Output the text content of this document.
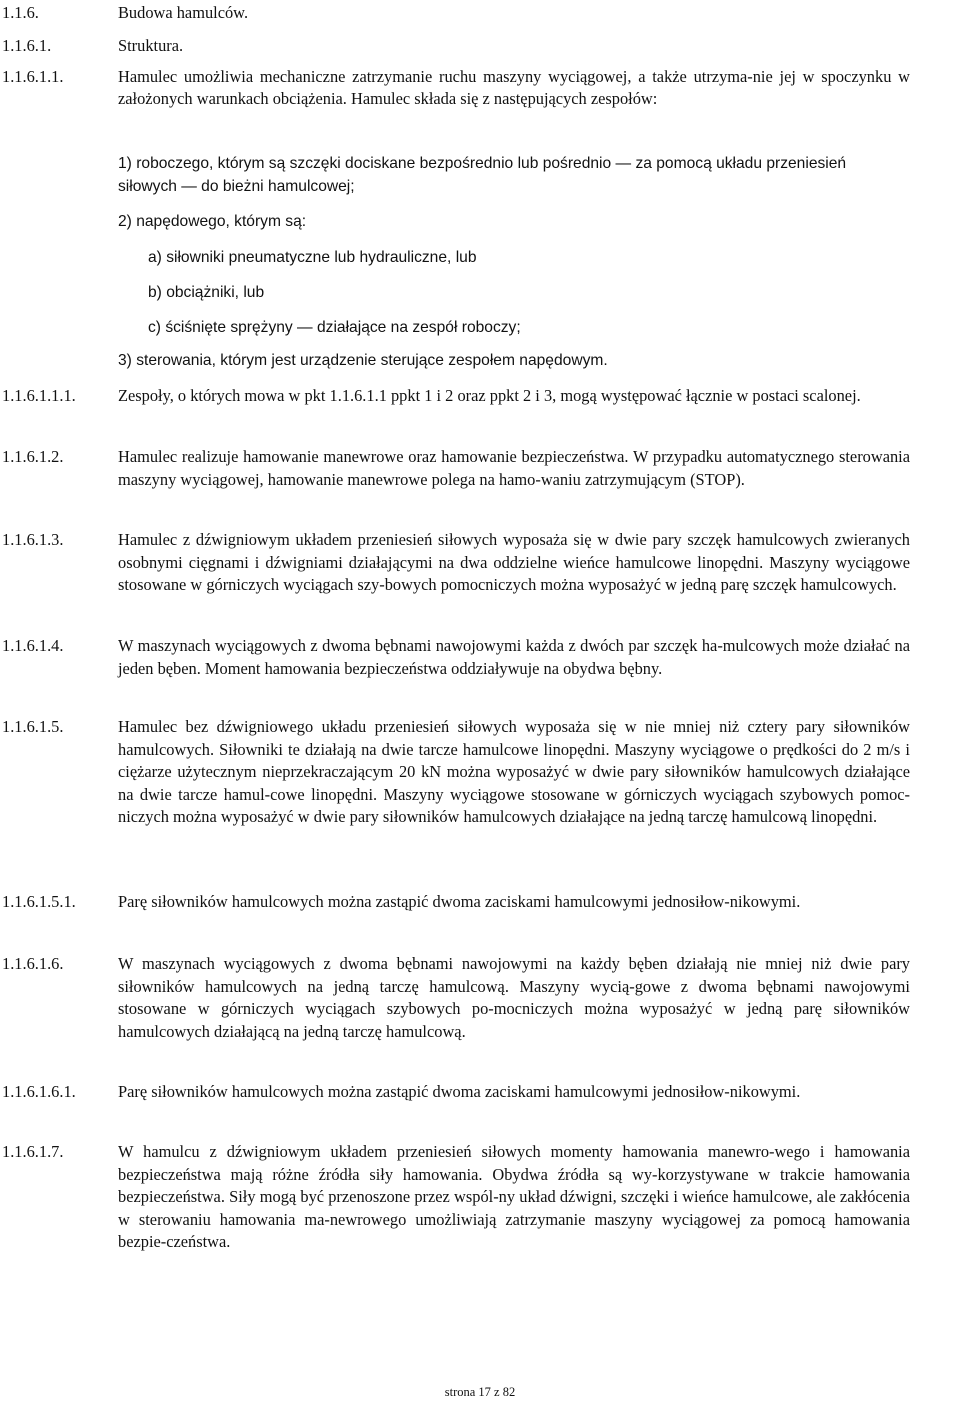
1.1.6.	Budowa hamulców.
1.1.6.1.	Struktura.
1.1.6.1.1.	Hamulec umożliwia mechaniczne zatrzymanie ruchu maszyny wyciągowej, a także utrzyma-nie jej w spoczynku w założonych warunkach obciążenia. Hamulec składa się z następujących zespołów:
1) roboczego, którym są szczęki dociskane bezpośrednio lub pośrednio — za pomocą układu przeniesień siłowych — do bieżni hamulcowej;
2) napędowego, którym są:
a) siłowniki pneumatyczne lub hydrauliczne, lub
b) obciążniki, lub
c) ściśnięte sprężyny — działające na zespół roboczy;
3) sterowania, którym jest urządzenie sterujące zespołem napędowym.
1.1.6.1.1.1.	Zespoły, o których mowa w pkt 1.1.6.1.1 ppkt 1 i 2 oraz ppkt 2 i 3, mogą występować łącznie w postaci scalonej.
1.1.6.1.2.	Hamulec realizuje hamowanie manewrowe oraz hamowanie bezpieczeństwa. W przypadku automatycznego sterowania maszyny wyciągowej, hamowanie manewrowe polega na hamo-waniu zatrzymującym (STOP).
1.1.6.1.3.	Hamulec z dźwigniowym układem przeniesień siłowych wyposaża się w dwie pary szczęk hamulcowych zwieranych osobnymi cięgnami i dźwigniami działającymi na dwa oddzielne wieńce hamulcowe linopędni. Maszyny wyciągowe stosowane w górniczych wyciągach szy-bowych pomocniczych można wyposażyć w jedną parę szczęk hamulcowych.
1.1.6.1.4.	W maszynach wyciągowych z dwoma bębnami nawojowymi każda z dwóch par szczęk ha-mulcowych może działać na jeden bęben. Moment hamowania bezpieczeństwa oddziaływuje na obydwa bębny.
1.1.6.1.5.	Hamulec bez dźwigniowego układu przeniesień siłowych wyposaża się w nie mniej niż cztery pary siłowników hamulcowych. Siłowniki te działają na dwie tarcze hamulcowe linopędni. Maszyny wyciągowe o prędkości do 2 m/s i ciężarze użytecznym nieprzekraczającym 20 kN można wyposażyć w dwie pary siłowników hamulcowych działające na dwie tarcze hamul-cowe linopędni. Maszyny wyciągowe stosowane w górniczych wyciągach szybowych pomoc-niczych można wyposażyć w dwie pary siłowników hamulcowych działające na jedną tarczę hamulcową linopędni.
1.1.6.1.5.1.	Parę siłowników hamulcowych można zastąpić dwoma zaciskami hamulcowymi jednosiłow-nikowymi.
1.1.6.1.6.	W maszynach wyciągowych z dwoma bębnami nawojowymi na każdy bęben działają nie mniej niż dwie pary siłowników hamulcowych na jedną tarczę hamulcową. Maszyny wycią-gowe z dwoma bębnami nawojowymi stosowane w górniczych wyciągach szybowych po-mocniczych można wyposażyć w jedną parę siłowników hamulcowych działającą na jedną tarczę hamulcową.
1.1.6.1.6.1.	Parę siłowników hamulcowych można zastąpić dwoma zaciskami hamulcowymi jednosiłow-nikowymi.
1.1.6.1.7.	W hamulcu z dźwigniowym układem przeniesień siłowych momenty hamowania manewro-wego i hamowania bezpieczeństwa mają różne źródła siły hamowania. Obydwa źródła są wy-korzystywane w trakcie hamowania bezpieczeństwa. Siły mogą być przenoszone przez wspól-ny układ dźwigni, szczęki i wieńce hamulcowe, ale zakłócenia w sterowaniu hamowania ma-newrowego umożliwiają zatrzymanie maszyny wyciągowej za pomocą hamowania bezpie-czeństwa.
strona 17 z 82
